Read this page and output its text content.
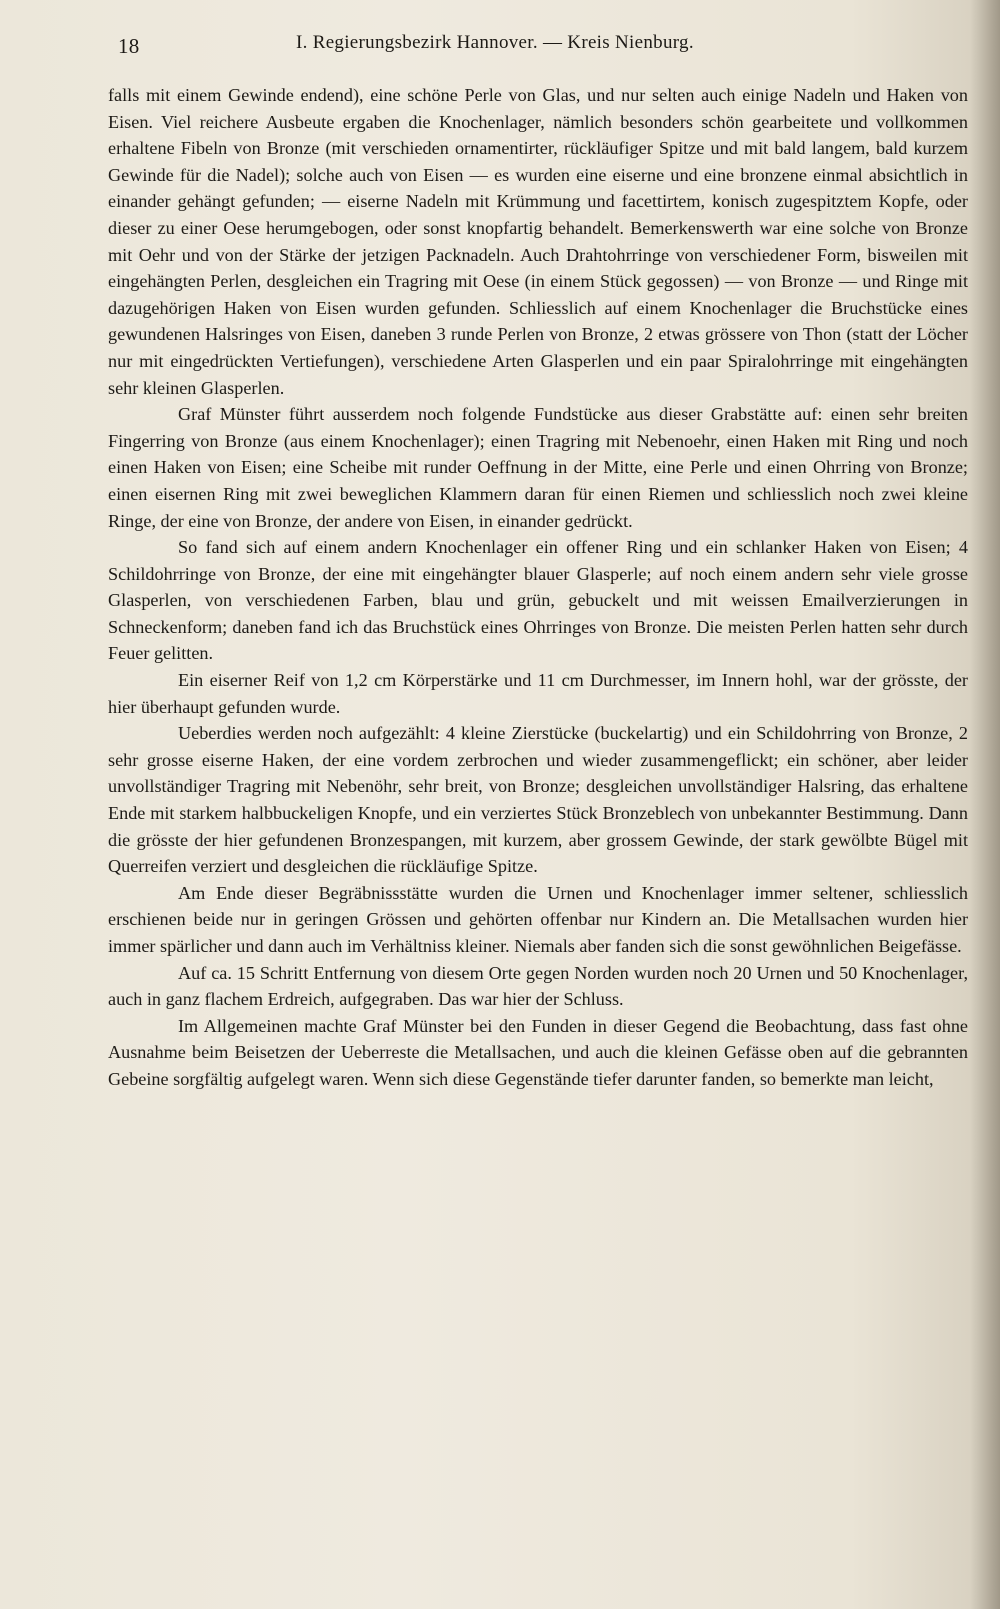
18	I. Regierungsbezirk Hannover. — Kreis Nienburg.

falls mit einem Gewinde endend), eine schöne Perle von Glas, und nur selten auch einige Nadeln und Haken von Eisen. Viel reichere Ausbeute ergaben die Knochenlager, nämlich besonders schön gearbeitete und vollkommen erhaltene Fibeln von Bronze (mit verschieden ornamentirter, rückläufiger Spitze und mit bald langem, bald kurzem Gewinde für die Nadel); solche auch von Eisen — es wurden eine eiserne und eine bronzene einmal absichtlich in einander gehängt gefunden; — eiserne Nadeln mit Krümmung und facettirtem, konisch zugespitztem Kopfe, oder dieser zu einer Oese herumgebogen, oder sonst knopfartig behandelt. Bemerkenswerth war eine solche von Bronze mit Oehr und von der Stärke der jetzigen Packnadeln. Auch Drahtohrringe von verschiedener Form, bisweilen mit eingehängten Perlen, desgleichen ein Tragring mit Oese (in einem Stück gegossen) — von Bronze — und Ringe mit dazugehörigen Haken von Eisen wurden gefunden. Schliesslich auf einem Knochenlager die Bruchstücke eines gewundenen Halsringes von Eisen, daneben 3 runde Perlen von Bronze, 2 etwas grössere von Thon (statt der Löcher nur mit eingedrückten Vertiefungen), verschiedene Arten Glasperlen und ein paar Spiralohrringe mit eingehängten sehr kleinen Glasperlen.

Graf Münster führt ausserdem noch folgende Fundstücke aus dieser Grabstätte auf: einen sehr breiten Fingerring von Bronze (aus einem Knochenlager); einen Tragring mit Nebenoehr, einen Haken mit Ring und noch einen Haken von Eisen; eine Scheibe mit runder Oeffnung in der Mitte, eine Perle und einen Ohrring von Bronze; einen eisernen Ring mit zwei beweglichen Klammern daran für einen Riemen und schliesslich noch zwei kleine Ringe, der eine von Bronze, der andere von Eisen, in einander gedrückt.

So fand sich auf einem andern Knochenlager ein offener Ring und ein schlanker Haken von Eisen; 4 Schildohrringe von Bronze, der eine mit eingehängter blauer Glasperle; auf noch einem andern sehr viele grosse Glasperlen, von verschiedenen Farben, blau und grün, gebuckelt und mit weissen Emailverzierungen in Schneckenform; daneben fand ich das Bruchstück eines Ohrringes von Bronze. Die meisten Perlen hatten sehr durch Feuer gelitten.

Ein eiserner Reif von 1,2 cm Körperstärke und 11 cm Durchmesser, im Innern hohl, war der grösste, der hier überhaupt gefunden wurde.

Ueberdies werden noch aufgezählt: 4 kleine Zierstücke (buckelartig) und ein Schildohrring von Bronze, 2 sehr grosse eiserne Haken, der eine vordem zerbrochen und wieder zusammengeflickt; ein schöner, aber leider unvollständiger Tragring mit Nebenöhr, sehr breit, von Bronze; desgleichen unvollständiger Halsring, das erhaltene Ende mit starkem halbbuckeligen Knopfe, und ein verziertes Stück Bronzeblech von unbekannter Bestimmung. Dann die grösste der hier gefundenen Bronzespangen, mit kurzem, aber grossem Gewinde, der stark gewölbte Bügel mit Querreifen verziert und desgleichen die rückläufige Spitze.

Am Ende dieser Begräbnissstätte wurden die Urnen und Knochenlager immer seltener, schliesslich erschienen beide nur in geringen Grössen und gehörten offenbar nur Kindern an. Die Metallsachen wurden hier immer spärlicher und dann auch im Verhältniss kleiner. Niemals aber fanden sich die sonst gewöhnlichen Beigefässe.

Auf ca. 15 Schritt Entfernung von diesem Orte gegen Norden wurden noch 20 Urnen und 50 Knochenlager, auch in ganz flachem Erdreich, aufgegraben. Das war hier der Schluss.

Im Allgemeinen machte Graf Münster bei den Funden in dieser Gegend die Beobachtung, dass fast ohne Ausnahme beim Beisetzen der Ueberreste die Metallsachen, und auch die kleinen Gefässe oben auf die gebrannten Gebeine sorgfältig aufgelegt waren. Wenn sich diese Gegenstände tiefer darunter fanden, so bemerkte man leicht,
